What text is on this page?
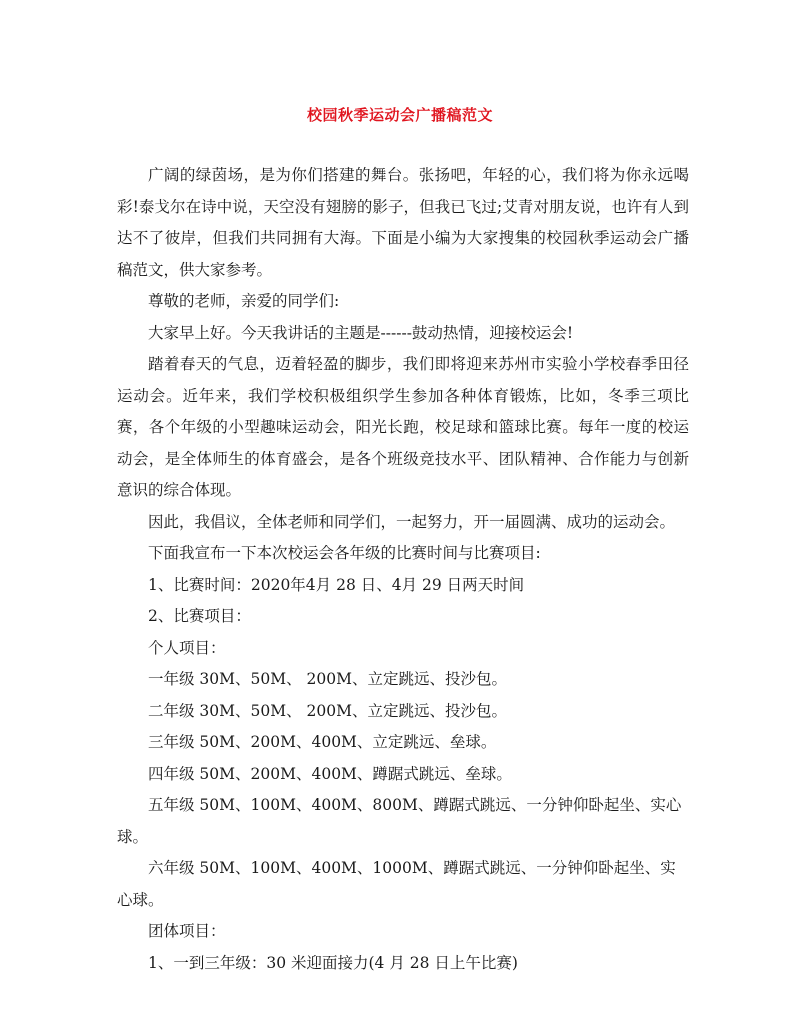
校园秋季运动会广播稿范文

广阔的绿茵场，是为你们搭建的舞台。张扬吧，年轻的心，我们将为你永远喝彩!泰戈尔在诗中说，天空没有翅膀的影子，但我已飞过;艾青对朋友说，也许有人到达不了彼岸，但我们共同拥有大海。下面是小编为大家搜集的校园秋季运动会广播稿范文，供大家参考。

尊敬的老师，亲爱的同学们:

大家早上好。今天我讲话的主题是------鼓动热情，迎接校运会!

踏着春天的气息，迈着轻盈的脚步，我们即将迎来苏州市实验小学校春季田径运动会。近年来，我们学校积极组织学生参加各种体育锻炼，比如，冬季三项比赛，各个年级的小型趣味运动会，阳光长跑，校足球和篮球比赛。每年一度的校运动会，是全体师生的体育盛会，是各个班级竞技水平、团队精神、合作能力与创新意识的综合体现。

因此，我倡议，全体老师和同学们，一起努力，开一届圆满、成功的运动会。

下面我宣布一下本次校运会各年级的比赛时间与比赛项目:

1、比赛时间：2020年4月 28 日、4月 29 日两天时间

2、比赛项目：

个人项目：

一年级 30M、50M、 200M、立定跳远、投沙包。

二年级 30M、50M、 200M、立定跳远、投沙包。

三年级 50M、200M、400M、立定跳远、垒球。

四年级 50M、200M、400M、蹲踞式跳远、垒球。

五年级 50M、100M、400M、800M、蹲踞式跳远、一分钟仰卧起坐、实心球。

六年级 50M、100M、400M、1000M、蹲踞式跳远、一分钟仰卧起坐、实心球。

团体项目：

1、一到三年级：30 米迎面接力(4 月 28 日上午比赛)
